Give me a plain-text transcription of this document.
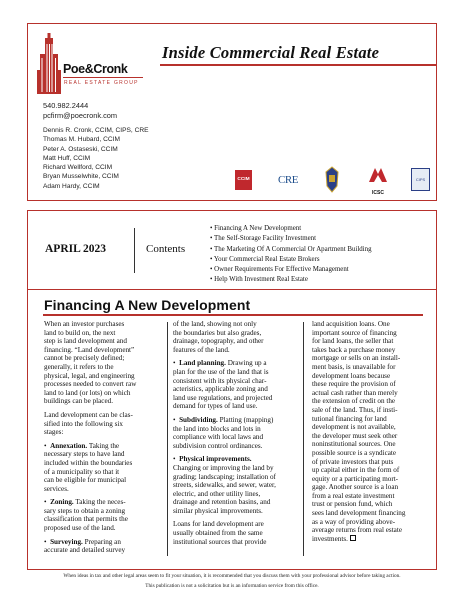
Poe&Cronk
REAL ESTATE GROUP
Inside Commercial Real Estate
540.982.2444
pcfirm@poecronk.com
Dennis R. Cronk, CCIM, CIPS, CRE
Thomas M. Hubard, CCIM
Peter A. Ostaseski, CCIM
Matt Huff, CCIM
Richard Wellford, CCIM
Bryan Musselwhite, CCIM
Adam Hardy, CCIM
CCIM	CRE
ICSC
CIPS
APRIL 2023	Contents
• Financing A New Development
• The Self-Storage Facility Investment
• The Marketing Of A Commercial Or Apartment Building
• Your Commercial Real Estate Brokers
• Owner Requirements For Effective Management
• Help With Investment Real Estate
Financing A New Development

When an investor purchases
land to build on, the next
step is land development and
financing. “Land development”
cannot be precisely defined;
generally, it refers to the
physical, legal, and engineering
processes needed to convert raw
land to land (or lots) on which
buildings can be placed.

Land development can be clas-
sified into the following six
stages:

•  Annexation. Taking the
necessary steps to have land
included within the boundaries
of a municipality so that it
can be eligible for municipal
services.

•  Zoning. Taking the neces-
sary steps to obtain a zoning
classification that permits the
proposed use of the land.

•  Surveying. Preparing an
accurate and detailed survey

of the land, showing not only
the boundaries but also grades,
drainage, topography, and other
features of the land.

•  Land planning. Drawing up a
plan for the use of the land that is
consistent with its physical char-
acteristics, applicable zoning and
land use regulations, and projected
demand for types of land use.

•  Subdividing. Platting (mapping)
the land into blocks and lots in
compliance with local laws and
subdivision control ordinances.

•  Physical improvements.
Changing or improving the land by
grading; landscaping; installation of
streets, sidewalks, and sewer, water,
electric, and other utility lines,
drainage and retention basins, and
similar physical improvements.

Loans for land development are
usually obtained from the same
institutional sources that provide

land acquisition loans. One
important source of financing
for land loans, the seller that
takes back a purchase money
mortgage or sells on an install-
ment basis, is unavailable for
development loans because
these require the provision of
actual cash rather than merely
the extension of credit on the
sale of the land. Thus, if insti-
tutional financing for land
development is not available,
the developer must seek other
noninstitutional sources. One
possible source is a syndicate
of private investors that puts
up capital either in the form of
equity or a participating mort-
gage. Another source is a loan
from a real estate investment
trust or pension fund, which
sees land development financing
as a way of providing above-
average returns from real estate
investments.

When ideas in tax and other legal areas seem to fit your situation, it is recommended that you discuss them with your professional advisor before taking action.
This publication is not a solicitation but is an information service from this office.
